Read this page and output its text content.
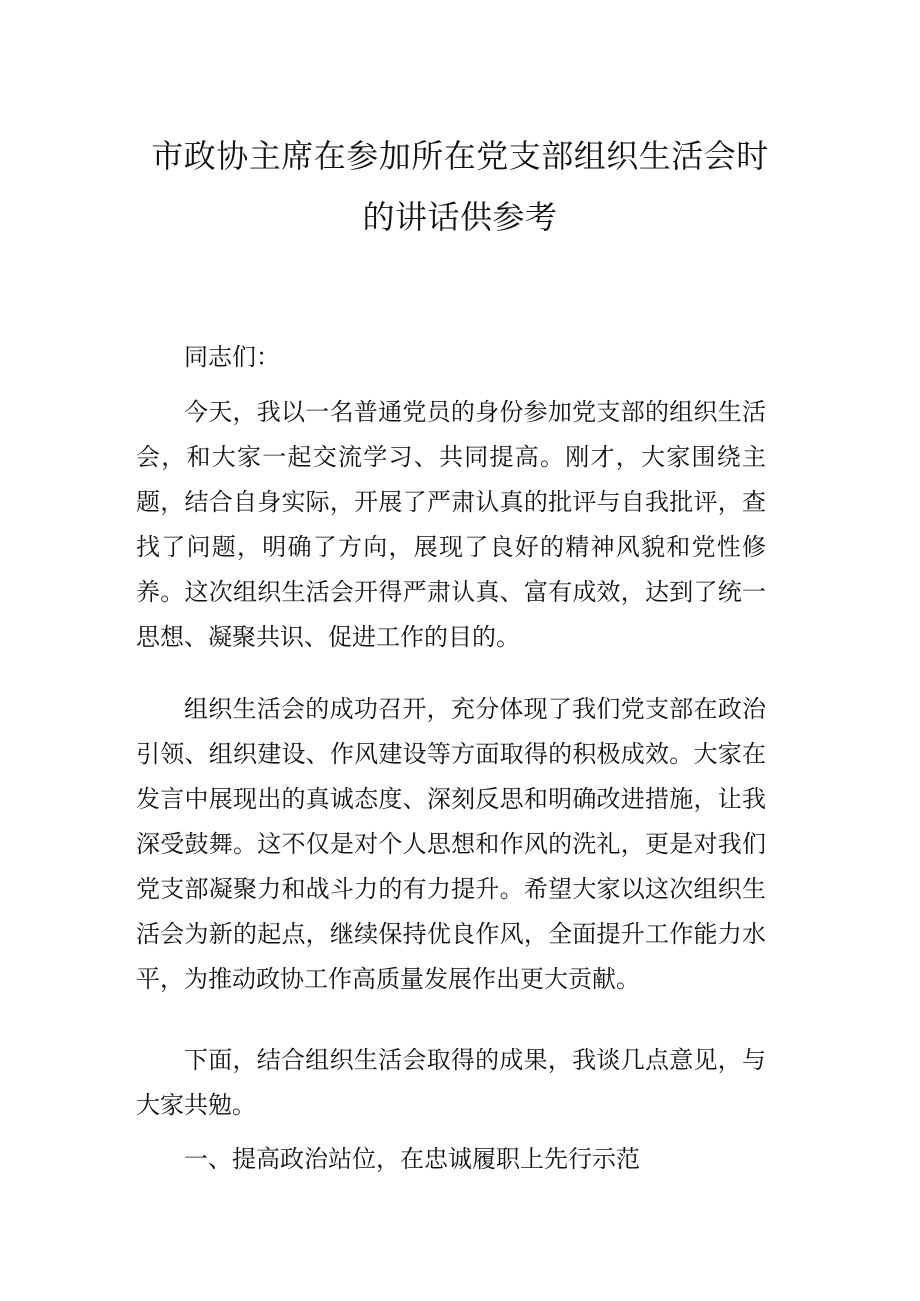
市政协主席在参加所在党支部组织生活会时
的讲话供参考

同志们：

今天，我以一名普通党员的身份参加党支部的组织生活会，和大家一起交流学习、共同提高。刚才，大家围绕主题，结合自身实际，开展了严肃认真的批评与自我批评，查找了问题，明确了方向，展现了良好的精神风貌和党性修养。这次组织生活会开得严肃认真、富有成效，达到了统一思想、凝聚共识、促进工作的目的。

组织生活会的成功召开，充分体现了我们党支部在政治引领、组织建设、作风建设等方面取得的积极成效。大家在发言中展现出的真诚态度、深刻反思和明确改进措施，让我深受鼓舞。这不仅是对个人思想和作风的洗礼，更是对我们党支部凝聚力和战斗力的有力提升。希望大家以这次组织生活会为新的起点，继续保持优良作风，全面提升工作能力水平，为推动政协工作高质量发展作出更大贡献。

下面，结合组织生活会取得的成果，我谈几点意见，与大家共勉。

一、提高政治站位，在忠诚履职上先行示范
